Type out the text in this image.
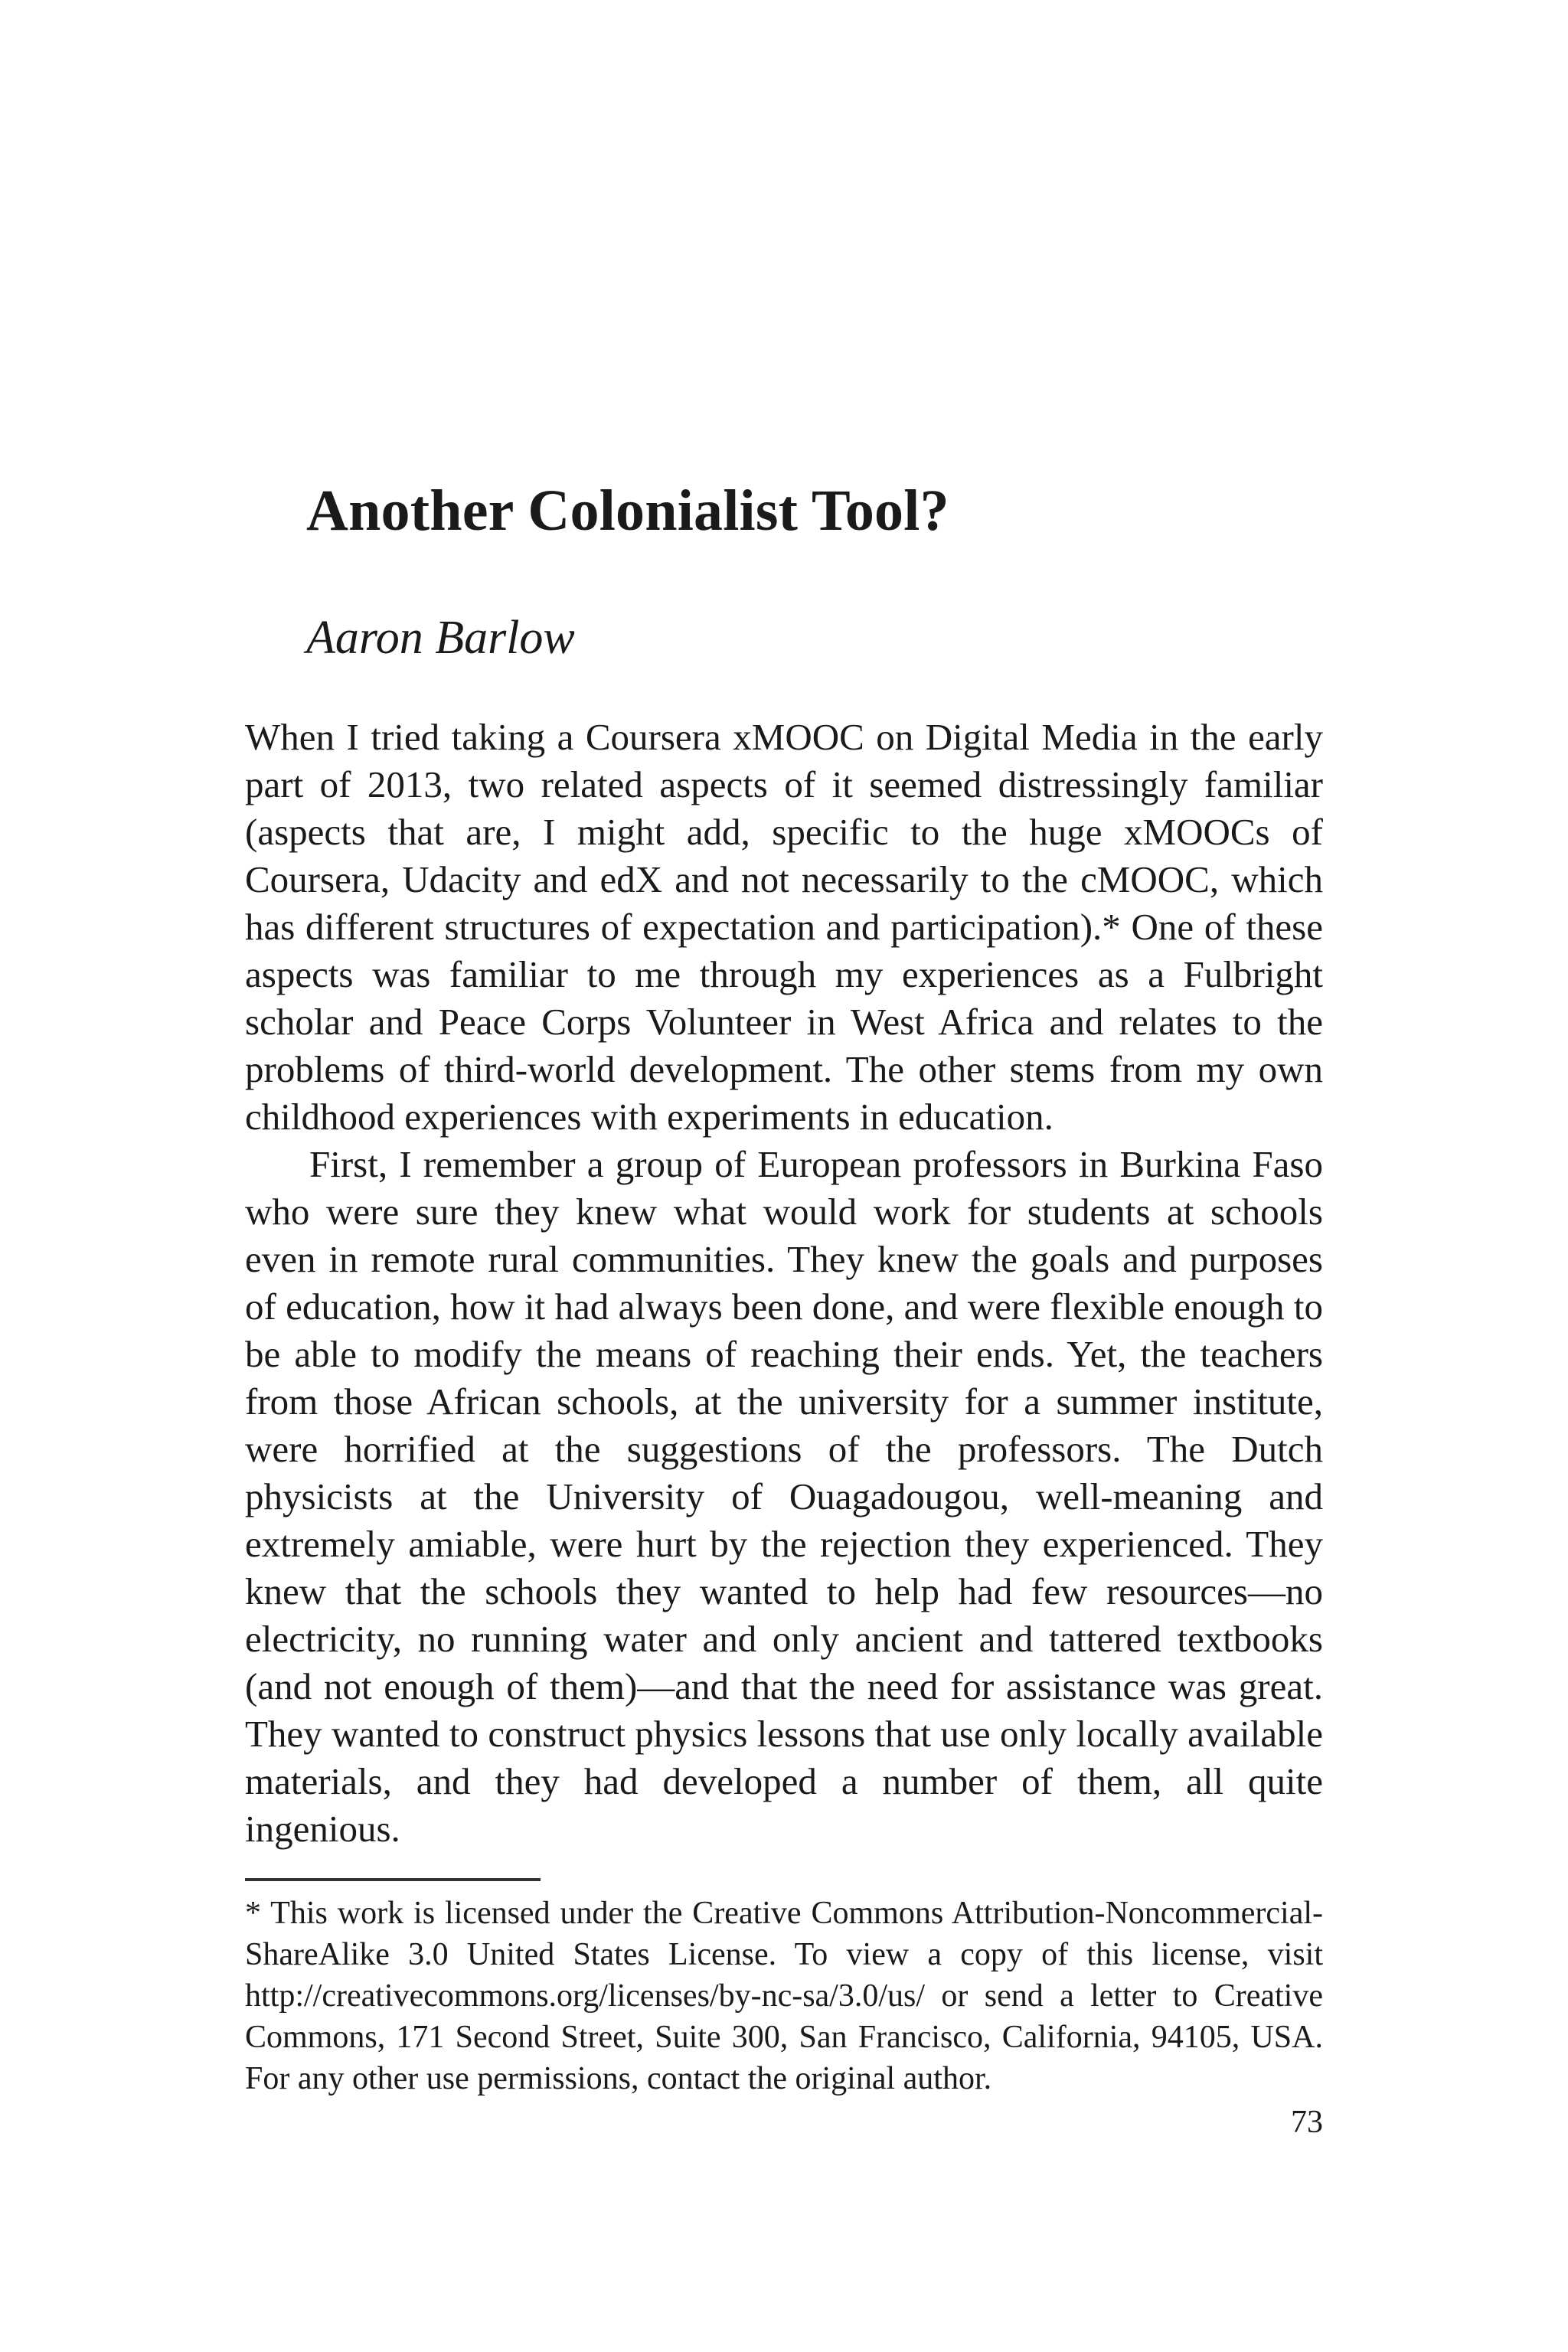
Another Colonialist Tool?
Aaron Barlow

When I tried taking a Coursera xMOOC on Digital Media in the early part of 2013, two related aspects of it seemed distressingly familiar (aspects that are, I might add, specific to the huge xMOOCs of Coursera, Udacity and edX and not necessarily to the cMOOC, which has different structures of expectation and participation).* One of these aspects was familiar to me through my experiences as a Fulbright scholar and Peace Corps Volunteer in West Africa and relates to the problems of third-world development. The other stems from my own childhood experiences with experiments in education.

First, I remember a group of European professors in Burkina Faso who were sure they knew what would work for students at schools even in remote rural communities. They knew the goals and purposes of education, how it had always been done, and were flexible enough to be able to modify the means of reaching their ends. Yet, the teachers from those African schools, at the university for a summer institute, were horrified at the suggestions of the professors. The Dutch physicists at the University of Ouagadougou, well-meaning and extremely amiable, were hurt by the rejection they experienced. They knew that the schools they wanted to help had few resources—no electricity, no running water and only ancient and tattered textbooks (and not enough of them)—and that the need for assistance was great. They wanted to construct physics lessons that use only locally available materials, and they had developed a number of them, all quite ingenious.

* This work is licensed under the Creative Commons Attribution-Noncommercial-ShareAlike 3.0 United States License. To view a copy of this license, visit http://creativecommons.org/licenses/by-nc-sa/3.0/us/ or send a letter to Creative Commons, 171 Second Street, Suite 300, San Francisco, California, 94105, USA. For any other use permissions, contact the original author.

73
